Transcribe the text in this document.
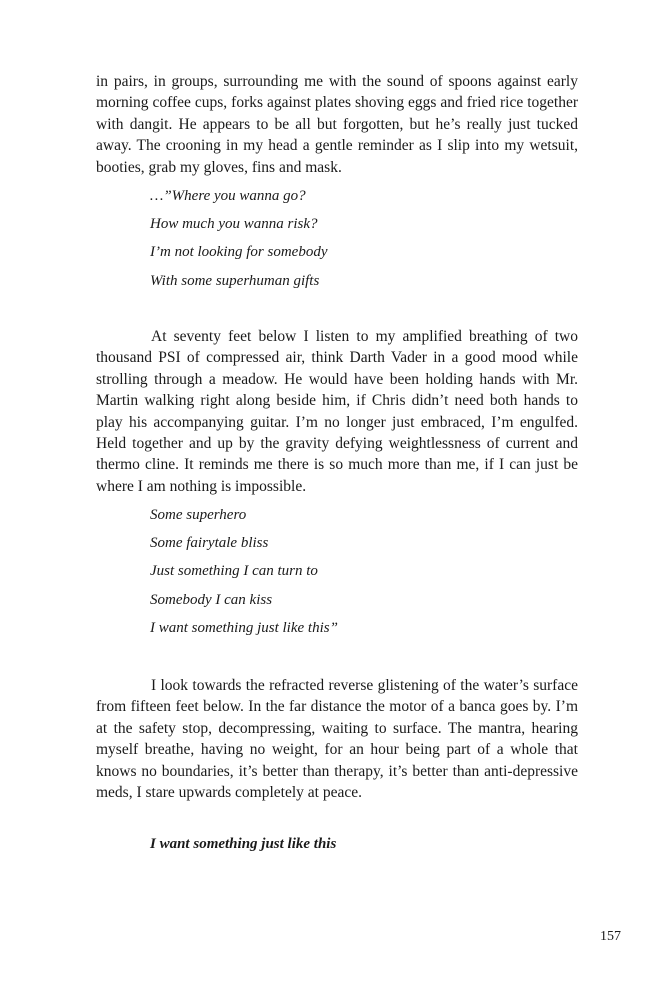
in pairs, in groups, surrounding me with the sound of spoons against early morning coffee cups, forks against plates shoving eggs and fried rice together with dangit. He appears to be all but forgotten, but he’s really just tucked away. The crooning in my head a gentle reminder as I slip into my wetsuit, booties, grab my gloves, fins and mask.

…”Where you wanna go?
How much you wanna risk?
I’m not looking for somebody
With some superhuman gifts

At seventy feet below I listen to my amplified breathing of two thousand PSI of compressed air, think Darth Vader in a good mood while strolling through a meadow. He would have been holding hands with Mr. Martin walking right along beside him, if Chris didn’t need both hands to play his accompanying guitar. I’m no longer just embraced, I’m engulfed. Held together and up by the gravity defying weightlessness of current and thermo cline. It reminds me there is so much more than me, if I can just be where I am nothing is impossible.

Some superhero
Some fairytale bliss
Just something I can turn to
Somebody I can kiss
I want something just like this”

I look towards the refracted reverse glistening of the water’s surface from fifteen feet below. In the far distance the motor of a banca goes by. I’m at the safety stop, decompressing, waiting to surface. The mantra, hearing myself breathe, having no weight, for an hour being part of a whole that knows no boundaries, it’s better than therapy, it’s better than anti-depressive meds, I stare upwards completely at peace.

I want something just like this

157
